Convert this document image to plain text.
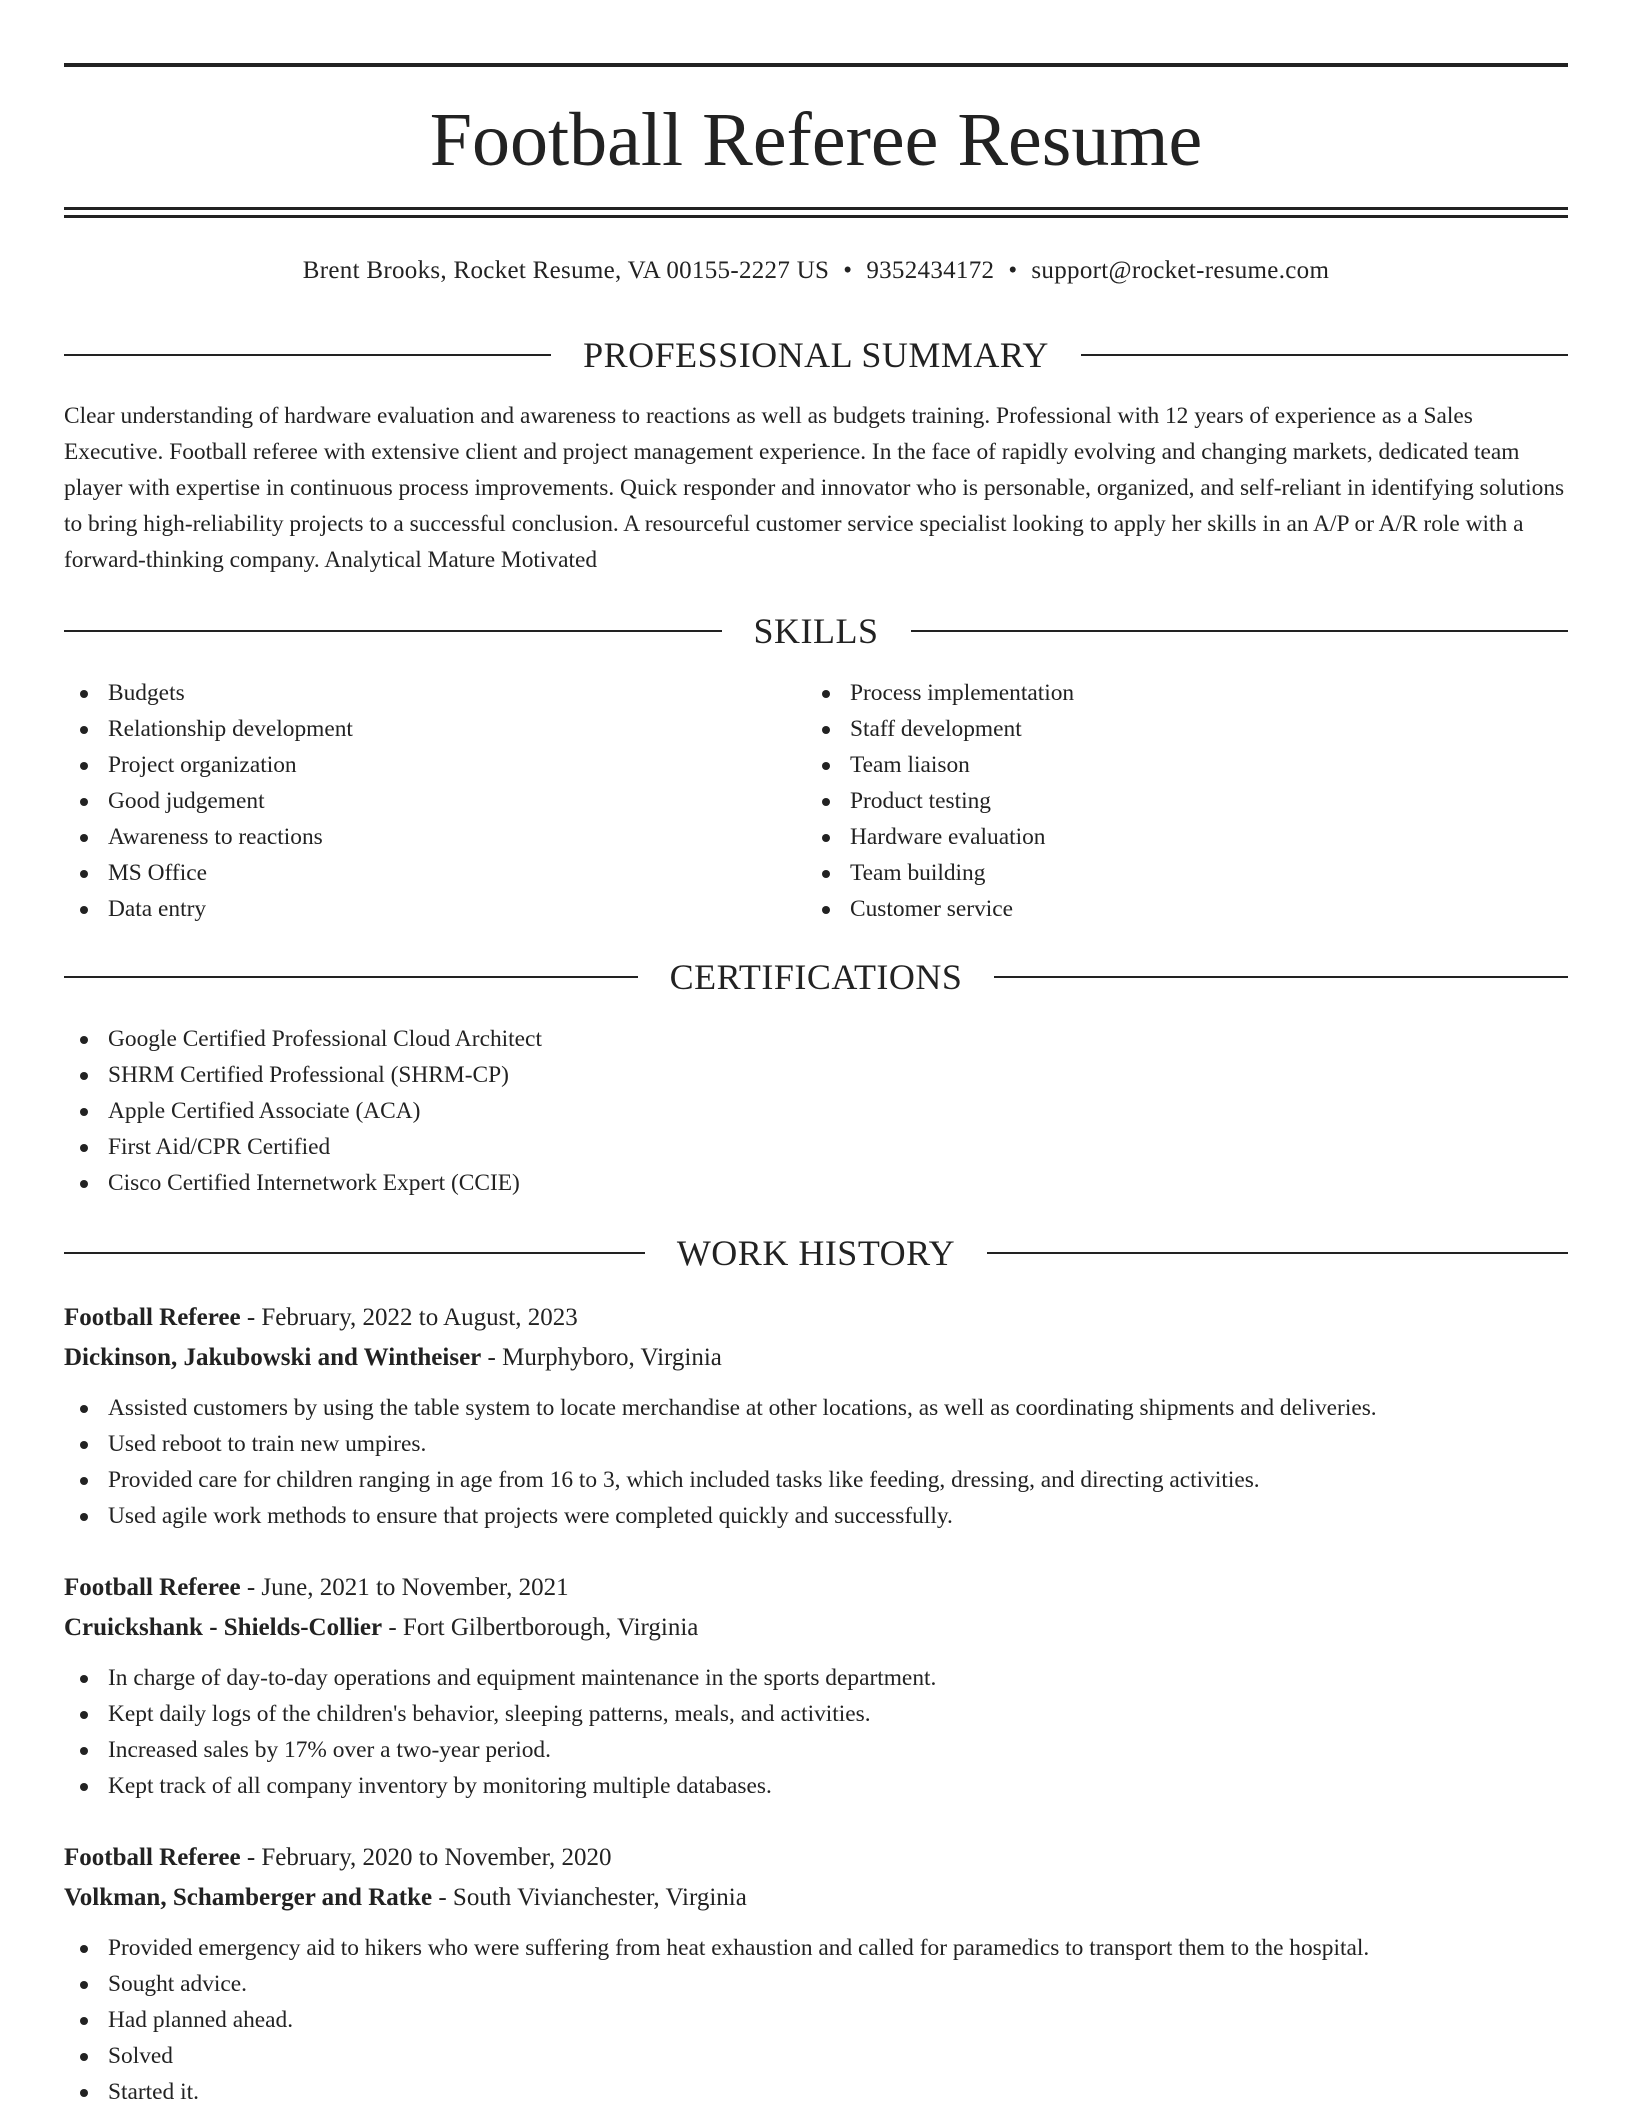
Football Referee Resume
Brent Brooks, Rocket Resume, VA 00155-2227 US • 9352434172 • support@rocket-resume.com
PROFESSIONAL SUMMARY

Clear understanding of hardware evaluation and awareness to reactions as well as budgets training. Professional with 12 years of experience as a Sales Executive. Football referee with extensive client and project management experience. In the face of rapidly evolving and changing markets, dedicated team player with expertise in continuous process improvements. Quick responder and innovator who is personable, organized, and self-reliant in identifying solutions to bring high-reliability projects to a successful conclusion. A resourceful customer service specialist looking to apply her skills in an A/P or A/R role with a forward-thinking company. Analytical Mature Motivated

SKILLS
Budgets
Relationship development
Project organization
Good judgement
Awareness to reactions
MS Office
Data entry
Process implementation
Staff development
Team liaison
Product testing
Hardware evaluation
Team building
Customer service
CERTIFICATIONS
Google Certified Professional Cloud Architect
SHRM Certified Professional (SHRM-CP)
Apple Certified Associate (ACA)
First Aid/CPR Certified
Cisco Certified Internetwork Expert (CCIE)
WORK HISTORY
Football Referee - February, 2022 to August, 2023
Dickinson, Jakubowski and Wintheiser - Murphyboro, Virginia
Assisted customers by using the table system to locate merchandise at other locations, as well as coordinating shipments and deliveries.
Used reboot to train new umpires.
Provided care for children ranging in age from 16 to 3, which included tasks like feeding, dressing, and directing activities.
Used agile work methods to ensure that projects were completed quickly and successfully.
Football Referee - June, 2021 to November, 2021
Cruickshank - Shields-Collier - Fort Gilbertborough, Virginia
In charge of day-to-day operations and equipment maintenance in the sports department.
Kept daily logs of the children's behavior, sleeping patterns, meals, and activities.
Increased sales by 17% over a two-year period.
Kept track of all company inventory by monitoring multiple databases.
Football Referee - February, 2020 to November, 2020
Volkman, Schamberger and Ratke - South Vivianchester, Virginia
Provided emergency aid to hikers who were suffering from heat exhaustion and called for paramedics to transport them to the hospital.
Sought advice.
Had planned ahead.
Solved
Started it.
